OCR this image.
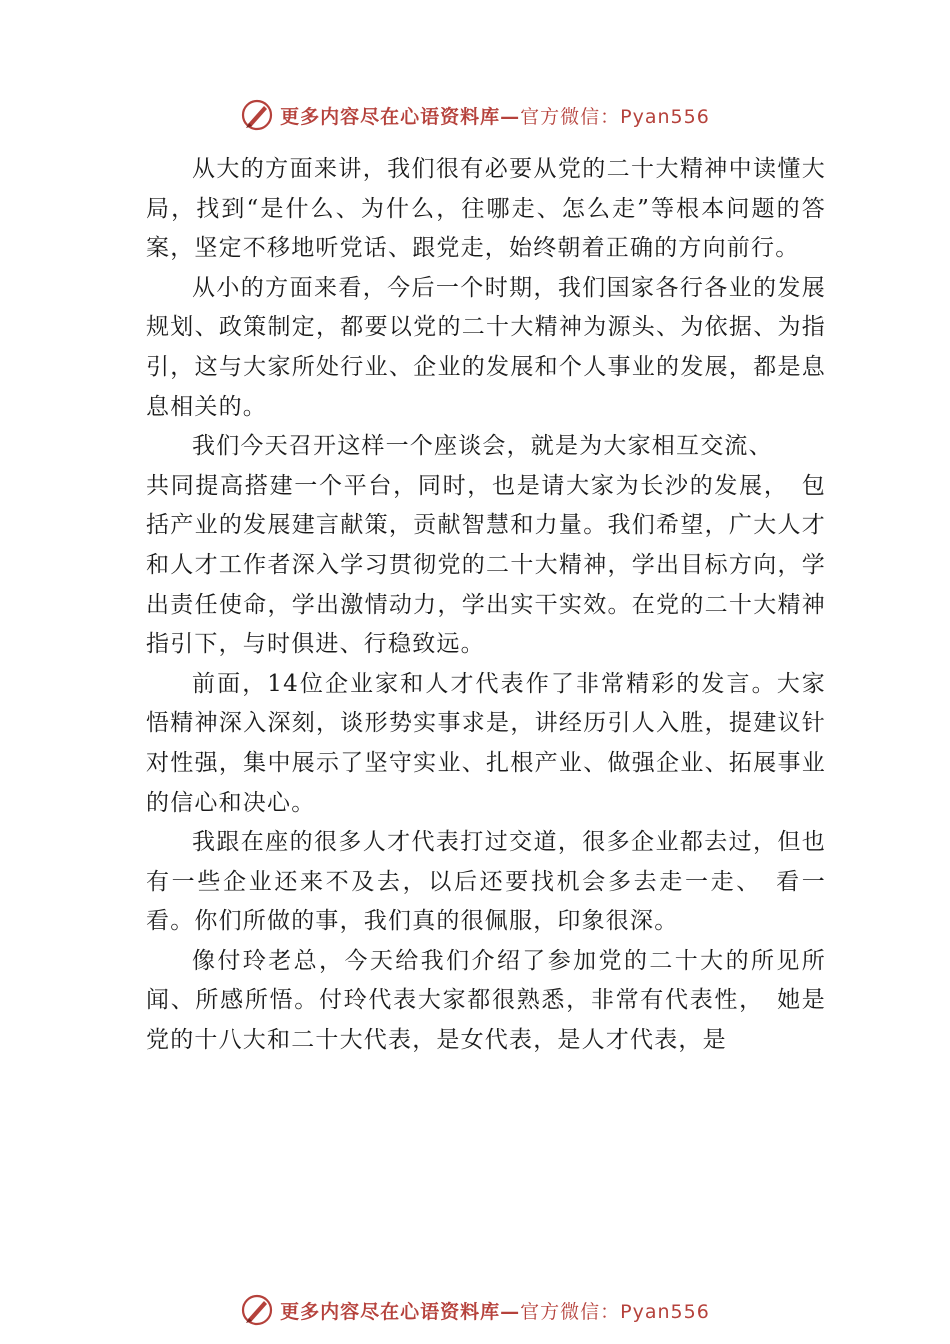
更多内容尽在心语资料库—官方微信：Pyan556

从大的方面来讲，我们很有必要从党的二十大精神中读懂大局，找到“是什么、为什么，往哪走、怎么走”等根本问题的答案，坚定不移地听党话、跟党走，始终朝着正确的方向前行。

从小的方面来看，今后一个时期，我们国家各行各业的发展规划、政策制定，都要以党的二十大精神为源头、为依据、为指引，这与大家所处行业、企业的发展和个人事业的发展，都是息息相关的。

我们今天召开这样一个座谈会，就是为大家相互交流、

共同提高搭建一个平台，同时，也是请大家为长沙的发展，　包括产业的发展建言献策，贡献智慧和力量。我们希望，广大人才和人才工作者深入学习贯彻党的二十大精神，学出目标方向，学出责任使命，学出激情动力，学出实干实效。在党的二十大精神指引下，与时俱进、行稳致远。

前面，14位企业家和人才代表作了非常精彩的发言。大家悟精神深入深刻，谈形势实事求是，讲经历引人入胜，提建议针对性强，集中展示了坚守实业、扎根产业、做强企业、拓展事业的信心和决心。

我跟在座的很多人才代表打过交道，很多企业都去过，但也有一些企业还来不及去，以后还要找机会多去走一走、　看一看。你们所做的事，我们真的很佩服，印象很深。

像付玲老总，今天给我们介绍了参加党的二十大的所见所闻、所感所悟。付玲代表大家都很熟悉，非常有代表性，　她是党的十八大和二十大代表，是女代表，是人才代表，是

更多内容尽在心语资料库—官方微信：Pyan556
